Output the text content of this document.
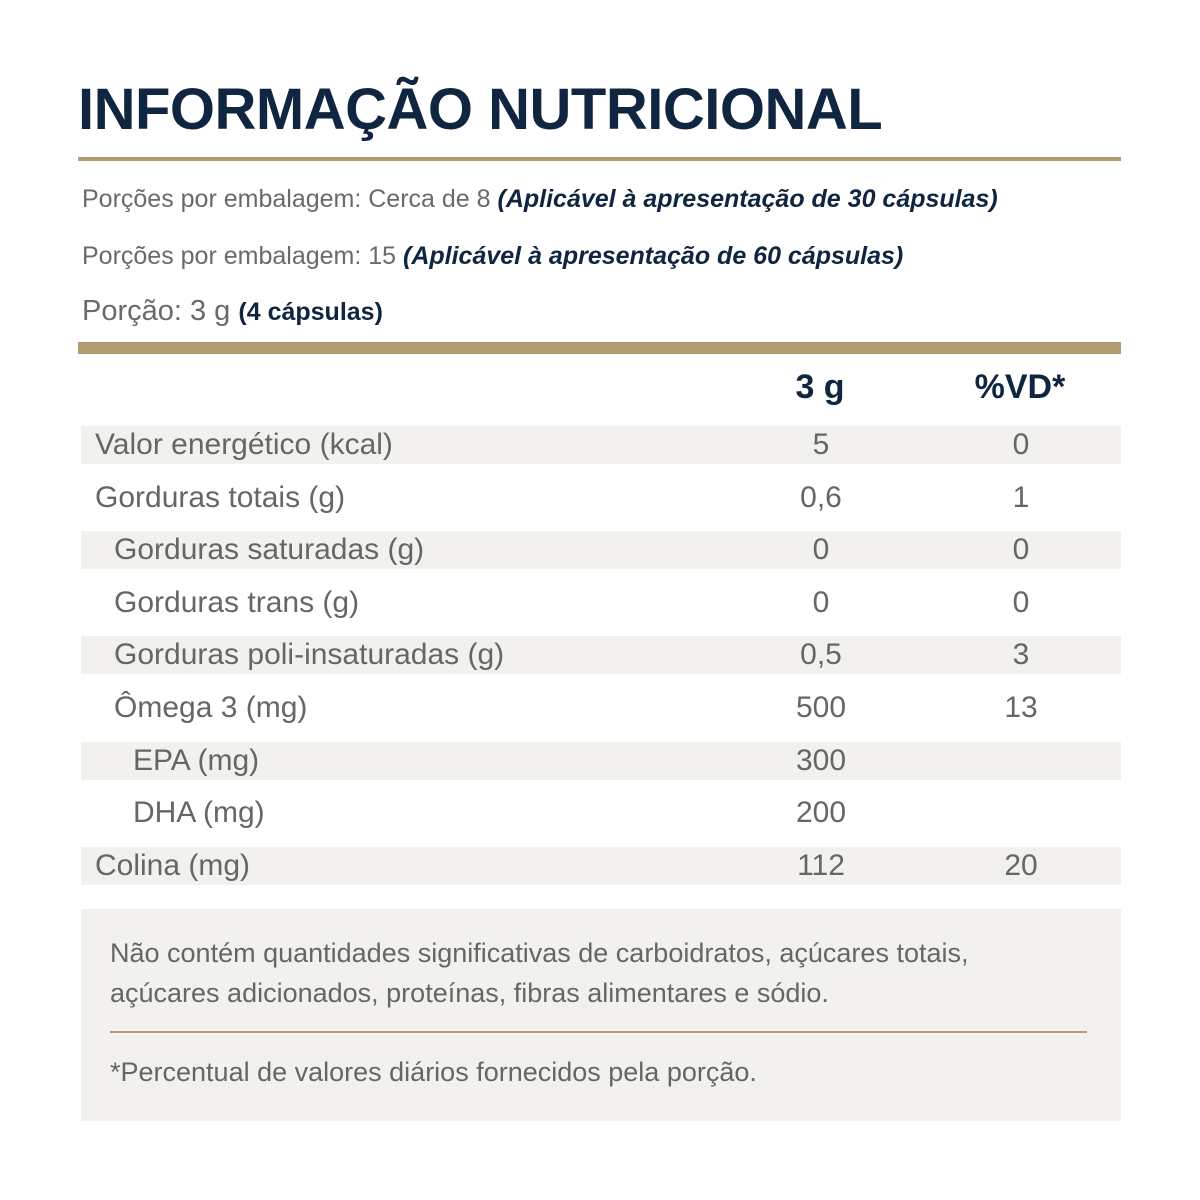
INFORMAÇÃO NUTRICIONAL
Porções por embalagem: Cerca de 8 (Aplicável à apresentação de 30 cápsulas)
Porções por embalagem: 15 (Aplicável à apresentação de 60 cápsulas)
Porção: 3 g (4 cápsulas)
3 g	%VD*
Valor energético (kcal)	5	0
Gorduras totais (g)	0,6	1
Gorduras saturadas (g)	0	0
Gorduras trans (g)	0	0
Gorduras poli-insaturadas (g)	0,5	3
Ômega 3 (mg)	500	13
EPA (mg)	300
DHA (mg)	200
Colina (mg)	112	20

Não contém quantidades significativas de carboidratos, açúcares totais, açúcares adicionados, proteínas, fibras alimentares e sódio.

*Percentual de valores diários fornecidos pela porção.
